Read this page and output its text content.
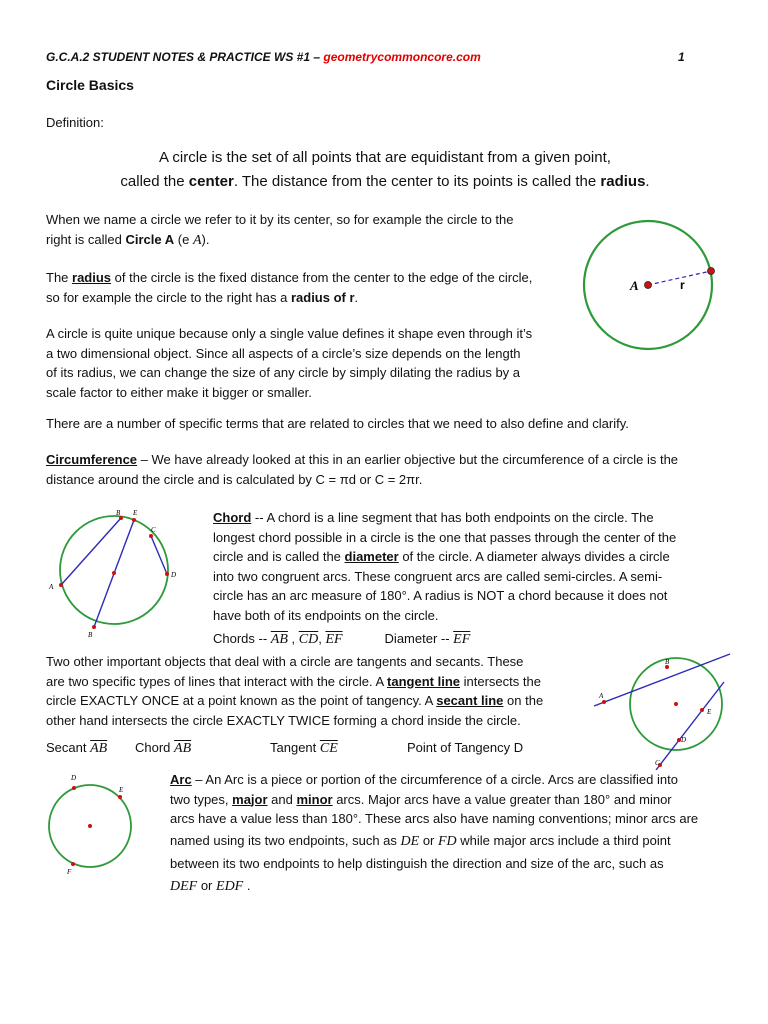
G.C.A.2 STUDENT NOTES & PRACTICE WS #1 – geometrycommoncore.com	1
Circle Basics
Definition:
A circle is the set of all points that are equidistant from a given point,
called the center. The distance from the center to its points is called the radius.

When we name a circle we refer to it by its center, so for example the circle to the

right is called Circle A (e A).

The radius of the circle is the fixed distance from the center to the edge of the circle,

so for example the circle to the right has a radius of r.

A circle is quite unique because only a single value defines it shape even through it’s

a two dimensional object. Since all aspects of a circle’s size depends on the length

of its radius, we can change the size of any circle by simply dilating the radius by a

scale factor to either make it bigger or smaller.

A	r
There are a number of specific terms that are related to circles that we need to also define and clarify.

Circumference – We have already looked at this in an earlier objective but the circumference of a circle is the

distance around the circle and is calculated by C = πd or C = 2πr.

A
B E
C
D
B

Chord -- A chord is a line segment that has both endpoints on the circle. The

longest chord possible in a circle is the one that passes through the center of the

circle and is called the diameter of the circle. A diameter always divides a circle

into two congruent arcs. These congruent arcs are called semi-circles. A semi-

circle has an arc measure of 180°. A radius is NOT a chord because it does not

have both of its endpoints on the circle.

Chords -- $\overline{AB}$ , $\overline{CD}$, $\overline{EF}$	Diameter -- $\overline{EF}$

Two other important objects that deal with a circle are tangents and secants. These

are two specific types of lines that interact with the circle. A tangent line intersects the

circle EXACTLY ONCE at a point known as the point of tangency. A secant line on the

other hand intersects the circle EXACTLY TWICE forming a chord inside the circle.

A
B
C
D
E
Secant $\overline{AB}$ Chord $\overline{AB}$	Tangent $\overline{CE}$	Point of Tangency D
D
E
F

Arc – An Arc is a piece or portion of the circumference of a circle. Arcs are classified into

two types, major and minor arcs. Major arcs have a value greater than 180° and minor

arcs have a value less than 180°. These arcs also have naming conventions; minor arcs are

named using its two endpoints, such as DE or FD while major arcs include a third point

between its two endpoints to help distinguish the direction and size of the arc, such as

DEF or EDF .
